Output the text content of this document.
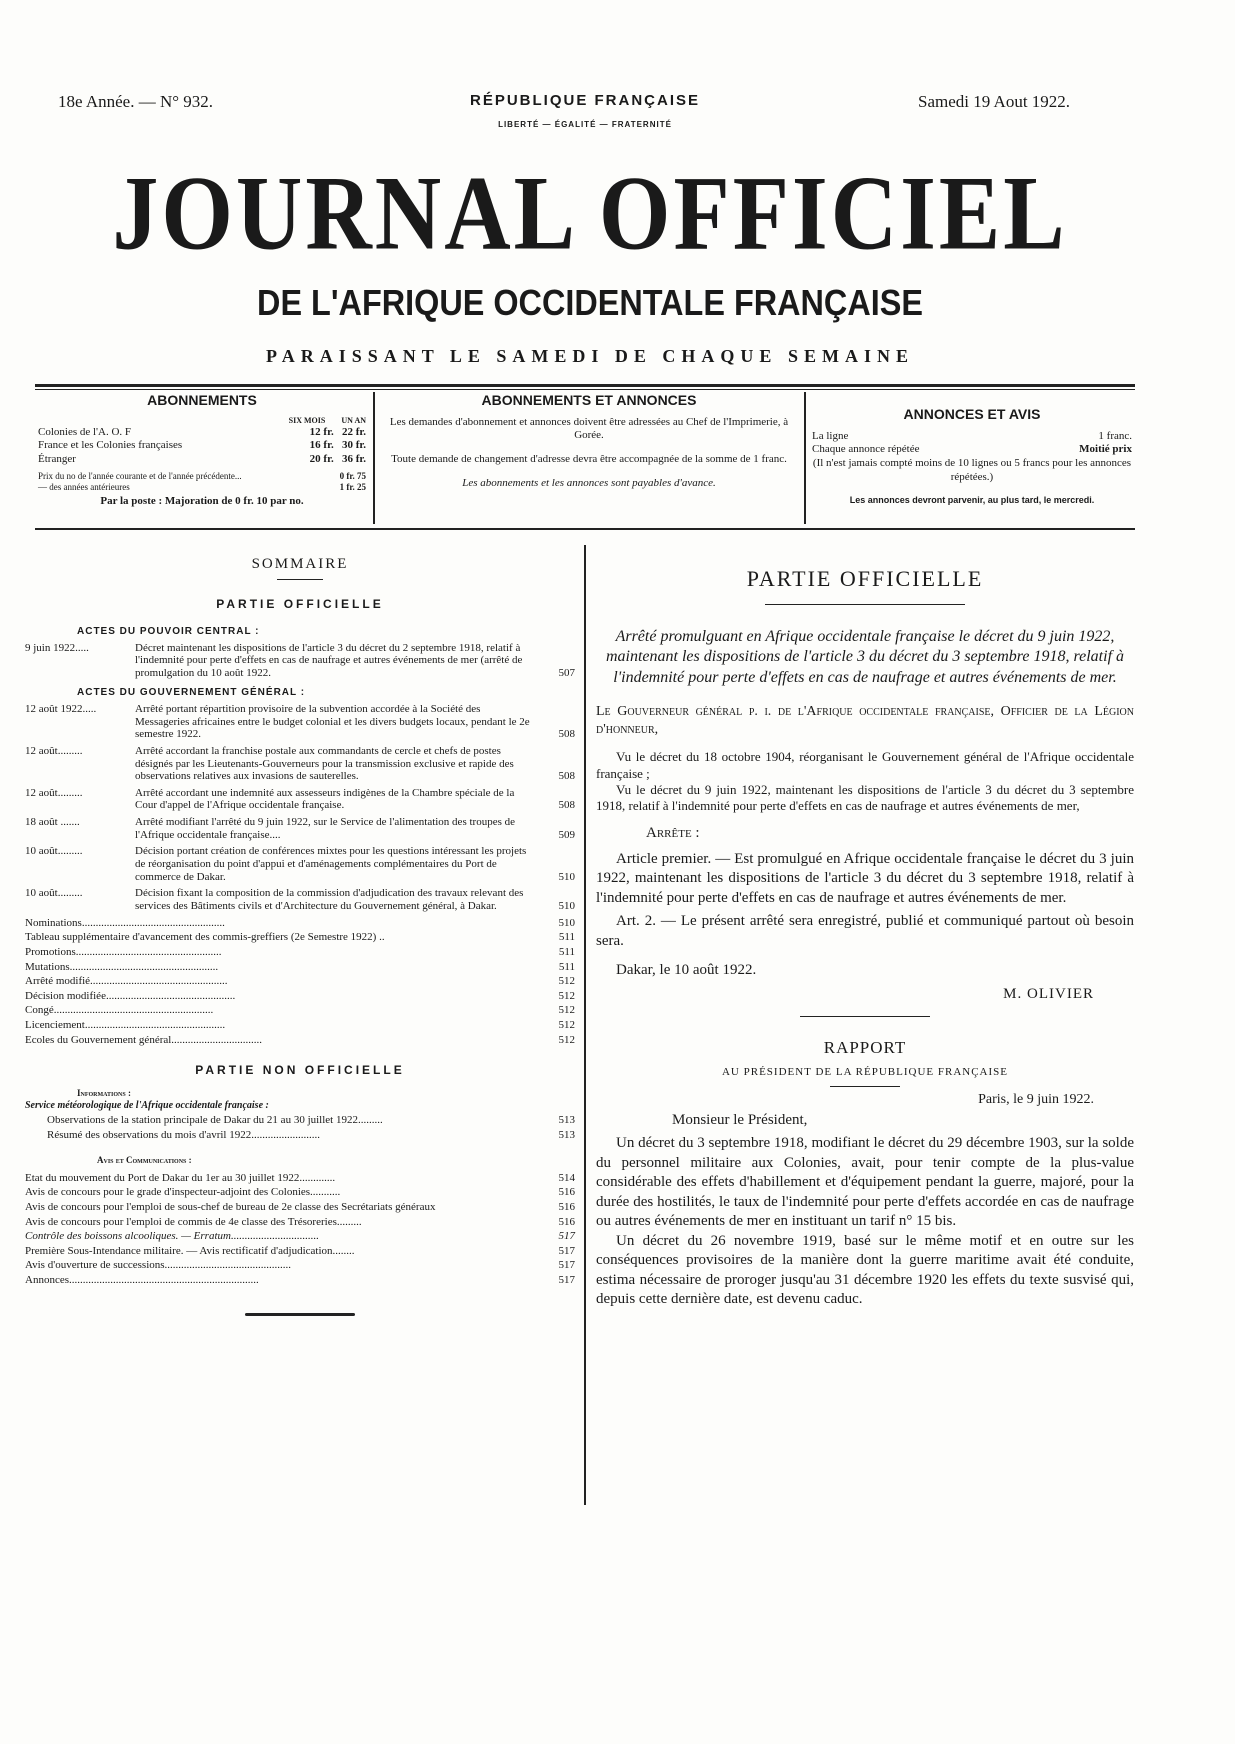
18e Année. — N° 932.	RÉPUBLIQUE FRANÇAISE
LIBERTÉ — ÉGALITÉ — FRATERNITÉ
Samedi 19 Aout 1922.
JOURNAL OFFICIEL
DE L'AFRIQUE OCCIDENTALE FRANÇAISE
PARAISSANT LE SAMEDI DE CHAQUE SEMAINE
ABONNEMENTS
SIX MOIS UN AN
Colonies de l'A. O. F	12 fr. 22 fr.
France et les Colonies françaises	16 fr. 30 fr.
Étranger	20 fr. 36 fr.
Prix du no de l'année courante et de l'année précédente...	0 fr. 75
— des années antérieures	1 fr. 25
Par la poste : Majoration de 0 fr. 10 par no.
ABONNEMENTS ET ANNONCES
Les demandes d'abonnement et annonces doivent être adressées au Chef de l'Imprimerie, à Gorée.
Toute demande de changement d'adresse devra être accompagnée de la somme de 1 franc.
Les abonnements et les annonces sont payables d'avance.
ANNONCES ET AVIS
La ligne	1 franc.
Chaque annonce répétée	Moitié prix
(Il n'est jamais compté moins de 10 lignes ou 5 francs pour les annonces répétées.)
Les annonces devront parvenir, au plus tard, le mercredi.
SOMMAIRE
PARTIE OFFICIELLE
ACTES DU POUVOIR CENTRAL :
9 juin 1922.....	Décret maintenant les dispositions de l'article 3 du décret du 2 septembre 1918, relatif à l'indemnité pour perte d'effets en cas de naufrage et autres événements de mer (arrêté de promulgation du 10 août 1922.	507
ACTES DU GOUVERNEMENT GÉNÉRAL :
12 août 1922.....	Arrêté portant répartition provisoire de la subvention accordée à la Société des Messageries africaines entre le budget colonial et les divers budgets locaux, pendant le 2e semestre 1922.	508
12 août.........	Arrêté accordant la franchise postale aux commandants de cercle et chefs de postes désignés par les Lieutenants-Gouverneurs pour la transmission exclusive et rapide des observations relatives aux invasions de sauterelles.	508
12 août.........	Arrêté accordant une indemnité aux assesseurs indigènes de la Chambre spéciale de la Cour d'appel de l'Afrique occidentale française.	508
18 août .......	Arrêté modifiant l'arrêté du 9 juin 1922, sur le Service de l'alimentation des troupes de l'Afrique occidentale française....	509
10 août.........	Décision portant création de conférences mixtes pour les questions intéressant les projets de réorganisation du point d'appui et d'aménagements complémentaires du Port de commerce de Dakar.	510
10 août.........	Décision fixant la composition de la commission d'adjudication des travaux relevant des services des Bâtiments civils et d'Architecture du Gouvernement général, à Dakar.	510
Nominations....................................................	510
Tableau supplémentaire d'avancement des commis-greffiers (2e Semestre 1922) ..	511
Promotions.....................................................	511
Mutations......................................................	511
Arrêté modifié..................................................	512
Décision modifiée...............................................	512
Congé..........................................................	512
Licenciement...................................................	512
Ecoles du Gouvernement général.................................	512
PARTIE NON OFFICIELLE
Informations :
Service météorologique de l'Afrique occidentale française :
Observations de la station principale de Dakar du 21 au 30 juillet 1922.........	513
Résumé des observations du mois d'avril 1922.........................	513
Avis et Communications :
Etat du mouvement du Port de Dakar du 1er au 30 juillet 1922.............	514
Avis de concours pour le grade d'inspecteur-adjoint des Colonies...........	516
Avis de concours pour l'emploi de sous-chef de bureau de 2e classe des Secrétariats généraux	516
Avis de concours pour l'emploi de commis de 4e classe des Trésoreries.........	516
Contrôle des boissons alcooliques. — Erratum................................	517
Première Sous-Intendance militaire. — Avis rectificatif d'adjudication........	517
Avis d'ouverture de successions..............................................	517
Annonces.....................................................................	517
PARTIE OFFICIELLE

Arrêté promulguant en Afrique occidentale française le décret du 9 juin 1922, maintenant les dispositions de l'article 3 du décret du 3 septembre 1918, relatif à l'indemnité pour perte d'effets en cas de naufrage et autres événements de mer.

Le Gouverneur général p. i. de l'Afrique occidentale française, Officier de la Légion d'honneur,

Vu le décret du 18 octobre 1904, réorganisant le Gouvernement général de l'Afrique occidentale française ;

Vu le décret du 9 juin 1922, maintenant les dispositions de l'article 3 du décret du 3 septembre 1918, relatif à l'indemnité pour perte d'effets en cas de naufrage et autres événements de mer,

Arrête :

Article premier. — Est promulgué en Afrique occidentale française le décret du 3 juin 1922, maintenant les dispositions de l'article 3 du décret du 3 septembre 1918, relatif à l'indemnité pour perte d'effets en cas de naufrage et autres événements de mer.

Art. 2. — Le présent arrêté sera enregistré, publié et communiqué partout où besoin sera.

Dakar, le 10 août 1922.

M. OLIVIER

RAPPORT
AU PRÉSIDENT DE LA RÉPUBLIQUE FRANÇAISE

Paris, le 9 juin 1922.

Monsieur le Président,

Un décret du 3 septembre 1918, modifiant le décret du 29 décembre 1903, sur la solde du personnel militaire aux Colonies, avait, pour tenir compte de la plus-value considérable des effets d'habillement et d'équipement pendant la guerre, majoré, pour la durée des hostilités, le taux de l'indemnité pour perte d'effets accordée en cas de naufrage ou autres événements de mer en instituant un tarif n° 15 bis.

Un décret du 26 novembre 1919, basé sur le même motif et en outre sur les conséquences provisoires de la manière dont la guerre maritime avait été conduite, estima nécessaire de proroger jusqu'au 31 décembre 1920 les effets du texte susvisé qui, depuis cette dernière date, est devenu caduc.
